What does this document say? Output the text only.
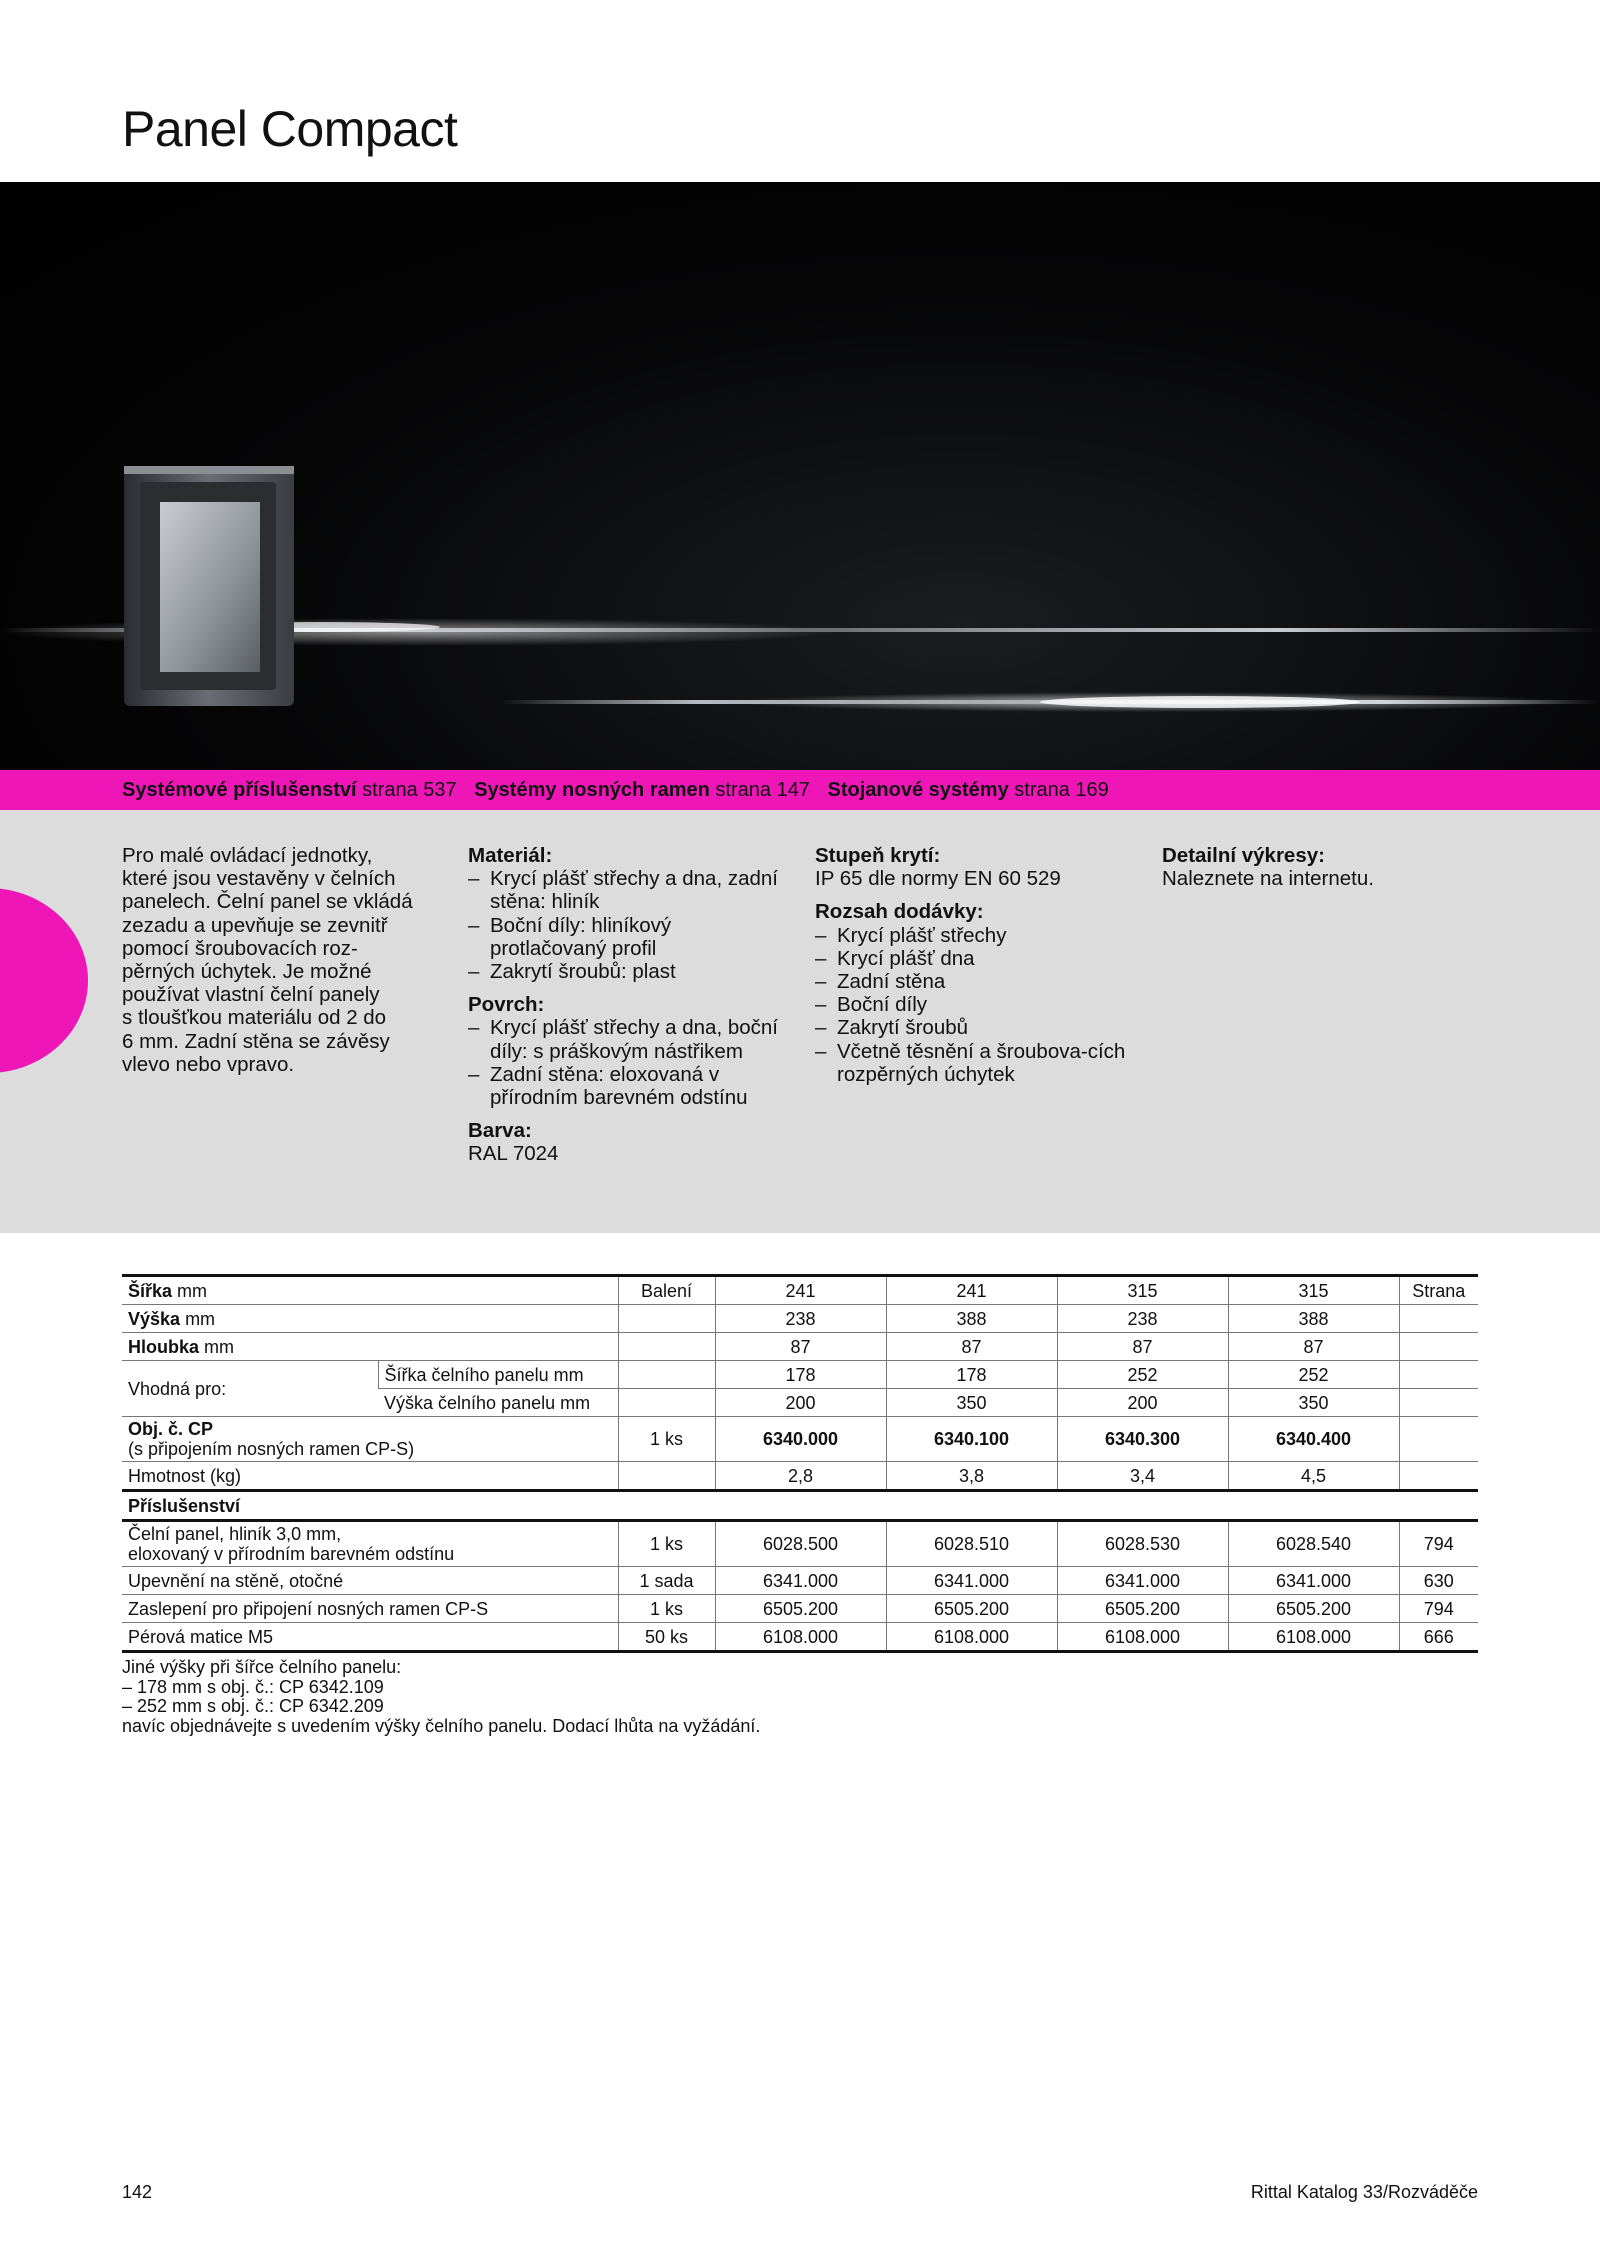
Panel Compact
Systémové příslušenství strana 537 Systémy nosných ramen strana 147 Stojanové systémy strana 169

Pro malé ovládací jednotky,

které jsou vestavěny v čelních

panelech. Čelní panel se vkládá

zezadu a upevňuje se zevnitř

pomocí šroubovacích roz-

pěrných úchytek. Je možné

používat vlastní čelní panely

s tloušťkou materiálu od 2 do

6 mm. Zadní stěna se závěsy

vlevo nebo vpravo.

Materiál:
– Krycí plášť střechy a dna, zadní stěna: hliník
– Boční díly: hliníkový protlačovaný profil
– Zakrytí šroubů: plast
Povrch:
– Krycí plášť střechy a dna, boční díly: s práškovým nástřikem
– Zadní stěna: eloxovaná v přírodním barevném odstínu
Barva:

RAL 7024

Stupeň krytí:

IP 65 dle normy EN 60 529

Rozsah dodávky:
– Krycí plášť střechy
– Krycí plášť dna
– Zadní stěna
– Boční díly
– Zakrytí šroubů
– Včetně těsnění a šroubova-cích rozpěrných úchytek
Detailní výkresy:

Naleznete na internetu.

Šířka mm		Balení	241	241	315	315	Strana
Výška mm			238	388	238	388	
Hloubka mm			87	87	87	87	
Vhodná pro:	Šířka čelního panelu mm		178	178	252	252	
	Výška čelního panelu mm		200	350	200	350	
Obj. č. CP
(s připojením nosných ramen CP-S)		1 ks	6340.000	6340.100	6340.300	6340.400	
Hmotnost (kg)			2,8	3,8	3,4	4,5	
Příslušenství							
Čelní panel, hliník 3,0 mm,
eloxovaný v přírodním barevném odstínu		1 ks	6028.500	6028.510	6028.530	6028.540	794
Upevnění na stěně, otočné		1 sada	6341.000	6341.000	6341.000	6341.000	630
Zaslepení pro připojení nosných ramen CP-S		1 ks	6505.200	6505.200	6505.200	6505.200	794
Pérová matice M5		50 ks	6108.000	6108.000	6108.000	6108.000	666
Jiné výšky při šířce čelního panelu:
– 178 mm s obj. č.: CP 6342.109
– 252 mm s obj. č.: CP 6342.209
navíc objednávejte s uvedením výšky čelního panelu. Dodací lhůta na vyžádání.
142	Rittal Katalog 33/Rozváděče
